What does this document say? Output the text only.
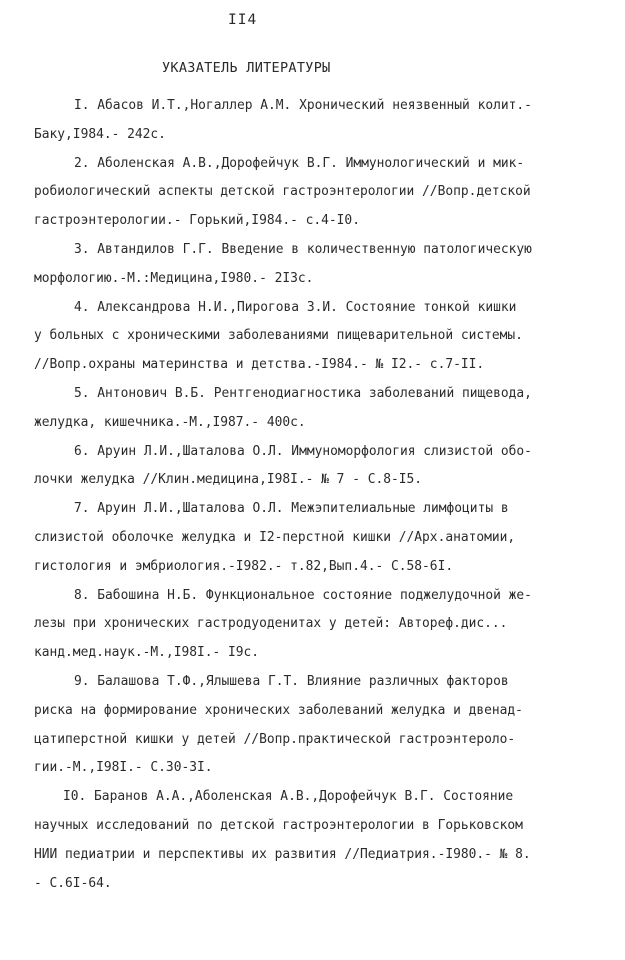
II4
УКАЗАТЕЛЬ ЛИТЕРАТУРЫ
I. Абасов И.Т.,Ногаллер А.М. Хронический неязвенный колит.-
Баку,I984.- 242с.
2. Аболенская А.В.,Дорофейчук В.Г. Иммунологический и мик-
робиологический аспекты детской гастроэнтерологии //Вопр.детской
гастроэнтерологии.- Горький,I984.- с.4-I0.
3. Автандилов Г.Г. Введение в количественную патологическую
морфологию.-М.:Медицина,I980.- 2I3с.
4. Александрова Н.И.,Пирогова З.И. Состояние тонкой кишки
у больных с хроническими заболеваниями пищеварительной системы.
//Вопр.охраны материнства и детства.-I984.- № I2.- с.7-II.
5. Антонович В.Б. Рентгенодиагностика заболеваний пищевода,
желудка, кишечника.-М.,I987.- 400с.
6. Аруин Л.И.,Шаталова О.Л. Иммуноморфология слизистой обо-
лочки желудка //Клин.медицина,I98I.- № 7 - С.8-I5.
7. Аруин Л.И.,Шаталова О.Л. Межэпителиальные лимфоциты в
слизистой оболочке желудка и I2-перстной кишки //Арх.анатомии,
гистология и эмбриология.-I982.- т.82,Вып.4.- С.58-6I.
8. Бабошина Н.Б. Функциональное состояние поджелудочной же-
лезы при хронических гастродуоденитах у детей: Автореф.дис...
канд.мед.наук.-М.,I98I.- I9с.
9. Балашова Т.Ф.,Ялышева Г.Т. Влияние различных факторов
риска на формирование хронических заболеваний желудка и двенад-
цатиперстной кишки у детей //Вопр.практической гастроэнтероло-
гии.-М.,I98I.- С.30-3I.
I0. Баранов А.А.,Аболенская А.В.,Дорофейчук В.Г. Состояние
научных исследований по детской гастроэнтерологии в Горьковском
НИИ педиатрии и перспективы их развития //Педиатрия.-I980.- № 8.
- С.6I-64.
